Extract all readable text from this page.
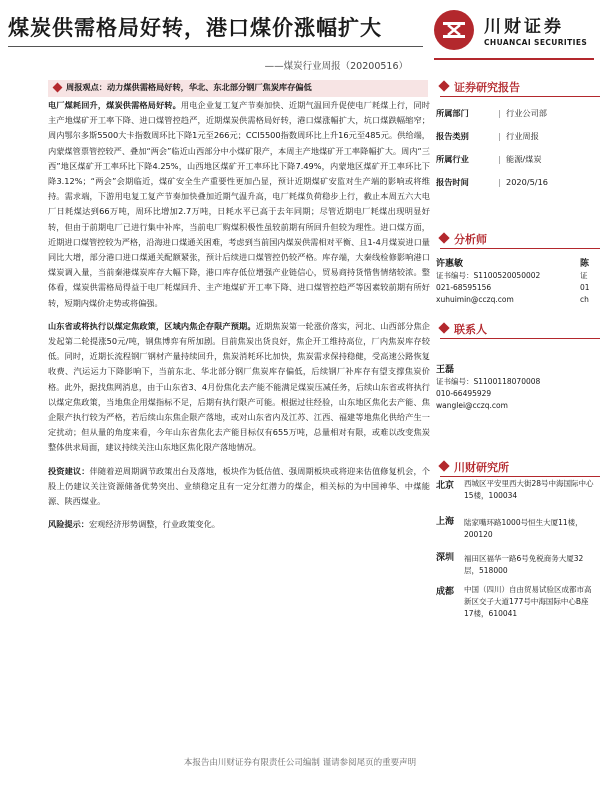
煤炭供需格局好转，港口煤价涨幅扩大
——煤炭行业周报（20200516）
川财证券
CHUANCAI SECURITIES
周报观点：动力煤供需格局好转，华北、东北部分钢厂焦炭库存偏低

电厂煤耗回升，煤炭供需格局好转。用电企业复工复产节奏加快、近期气温回升促使电厂耗煤上行，同时主产地煤矿开工率下降、进口煤管控趋严，近期煤炭供需格局好转，港口煤涨幅扩大，坑口煤跌幅缩窄；周内鄂尔多斯5500大卡指数周环比下降1元至266元；CCI5500指数周环比上升16元至485元。供给端，内蒙煤管票管控较严、叠加“两会”临近山西部分中小煤矿限产，本周主产地煤矿开工率降幅扩大。周内“三西”地区煤矿开工率环比下降4.25%，山西地区煤矿开工率环比下降7.49%，内蒙地区煤矿开工率环比下降3.12%；“两会”会期临近，煤矿安全生产重要性更加凸显，预计近期煤矿安监对生产端的影响或将维持。需求端，下游用电复工复产节奏加快叠加近期气温升高，电厂耗煤负荷稳步上行，截止本周五六大电厂日耗煤达到66万吨，周环比增加2.7万吨，日耗水平已高于去年同期；尽管近期电厂耗煤出现明显好转，但由于前期电厂已进行集中补库，当前电厂购煤积极性虽较前期有所回升但较为理性。进口煤方面，近期进口煤管控较为严格，沿海进口煤通关困难，考虑到当前国内煤炭供需相对平衡、且1-4月煤炭进口量同比大增，部分港口进口煤通关配额紧张，预计后续进口煤管控仍较严格。库存端，大秦线检修影响港口煤炭调入量，当前秦港煤炭库存大幅下降，港口库存低位增强产业链信心，贸易商持货惜售情绪较浓。整体看，煤炭供需格局得益于电厂耗煤回升、主产地煤矿开工率下降、进口煤管控趋严等因素较前期有所好转，短期内煤价走势或将偏强。

山东省或将执行以煤定焦政策，区域内焦企存限产预期。近期焦炭第一轮涨价落实，河北、山西部分焦企发起第二轮提涨50元/吨，钢焦博弈有所加剧。目前焦炭出货良好，焦企开工维持高位，厂内焦炭库存较低。同时，近期长流程钢厂钢材产量持续回升，焦炭消耗环比加快，焦炭需求保持稳健，受高速公路恢复收费、汽运运力下降影响下，当前东北、华北部分钢厂焦炭库存偏低，后续钢厂补库存有望支撑焦炭价格。此外，据找焦网消息，由于山东省3、4月份焦化去产能不能满足煤炭压减任务，后续山东省或将执行以煤定焦政策，当地焦企用煤指标不足，后期有执行限产可能。根据过往经验，山东地区焦化去产能、焦企限产执行较为严格，若后续山东焦企限产落地，或对山东省内及江苏、江西、福建等地焦化供给产生一定扰动；但从量的角度来看，今年山东省焦化去产能目标仅有655万吨，总量相对有限，或难以改变焦炭整体供求局面，建议持续关注山东地区焦化限产落地情况。

投资建议：伴随着逆周期调节政策出台及落地，板块作为低估值、强周期板块或将迎来估值修复机会，个股上仍建议关注资源储备优势突出、业绩稳定且有一定分红潜力的煤企，相关标的为中国神华、中煤能源、陕西煤业。

风险提示：宏观经济形势调整，行业政策变化。

证券研究报告
所属部门	| 行业公司部
报告类别	| 行业周报
所属行业	| 能源/煤炭
报告时间	| 2020/5/16
分析师
许惠敏	陈
证书编号：S1100520050002	证
021-68595156	01
xuhuimin@cczq.com	ch
联系人
王磊
证书编号：S1100118070008
010-66495929
wanglei@cczq.com
川财研究所
北京 西城区平安里西大街28号中海国际中心15楼，100034
上海 陆家嘴环路1000号恒生大厦11楼，200120
深圳 福田区福华一路6号免税商务大厦32层，518000
成都 中国（四川）自由贸易试验区成都市高新区交子大道177号中海国际中心B座17楼，610041
本报告由川财证券有限责任公司编制 谨请参阅尾页的重要声明
